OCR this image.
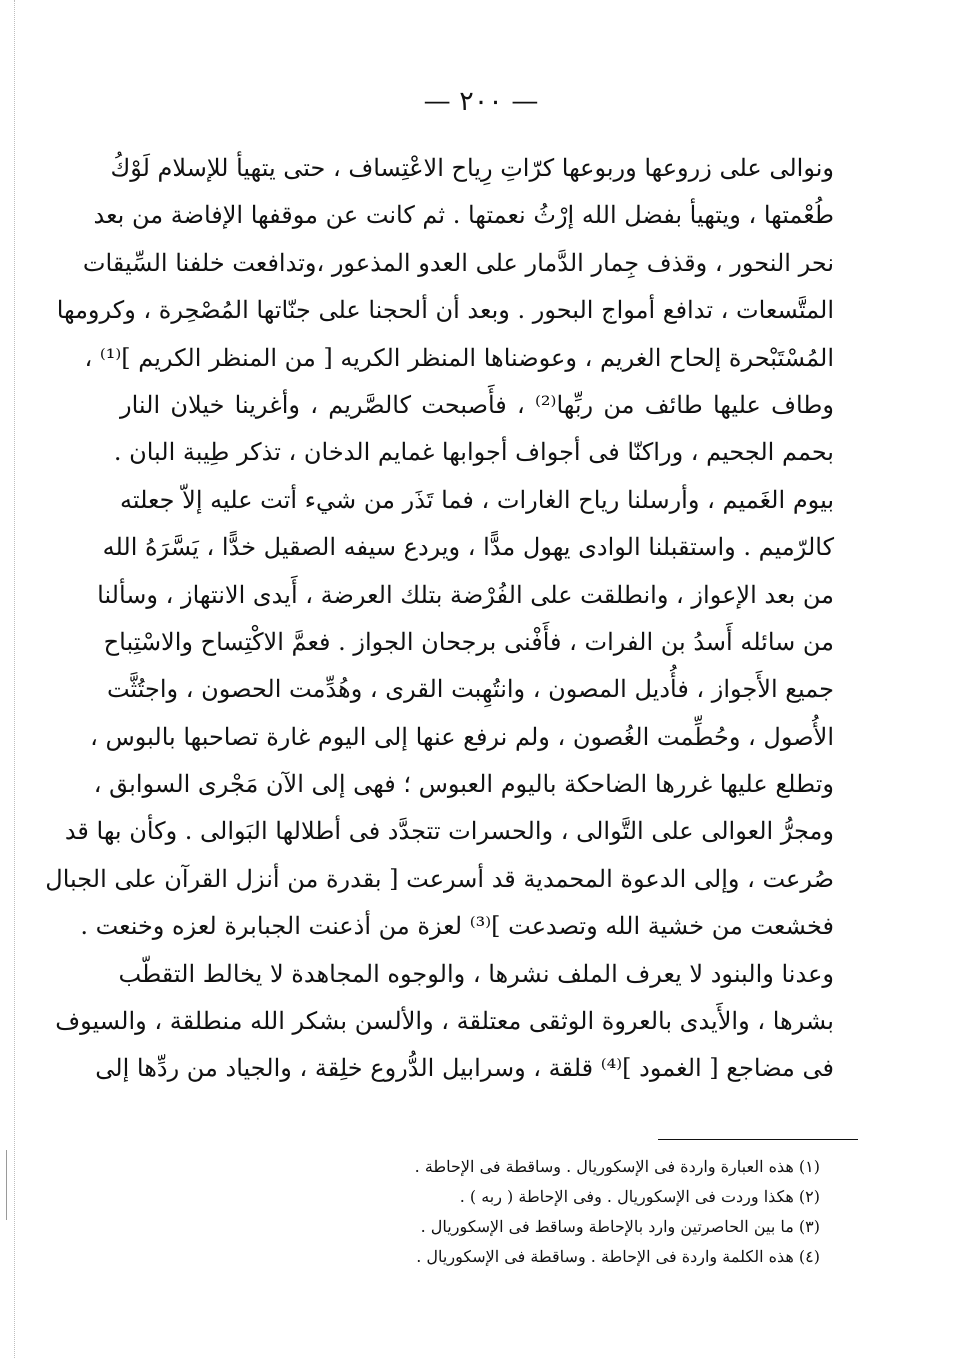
— ٢٠٠ —
ونوالى على زروعها وربوعها كرّاتِ رِياح الاعْتِساف ، حتى يتهيأ للإسلام لَوْكُ
طُعْمتها ، ويتهيأ بفضل الله إرْثُ نعمتها . ثم كانت عن موقفها الإفاضة من بعد
نحر النحور ، وقذف جِمار الدَّمار على العدو المذعور ،وتدافعت خلفنا السِّيقات
المتَّسعات ، تدافع أمواج البحور . وبعد أن ألحجنا على جنّاتها المُصْحِرة ، وكرومها
المُسْتَبْحرة إلحاح الغريم ، وعوضناها المنظر الكريه [ من المنظر الكريم ]⁽¹⁾ ،
وطاف عليها طائف من ربِّها⁽²⁾ ، فأَصبحت كالصَّريم ، وأغرينا خيلان النار
بحمم الجحيم ، وراكنّا فى أجواف أجوابها غمايم الدخان ، تذكر طِيبة البان .
بيوم الغَميم ، وأرسلنا رياح الغارات ، فما تَذَر من شيء أتت عليه إلاّ جعلته
كالرّميم . واستقبلنا الوادى يهول مدًّا ، ويردع سيفه الصقيل خدًّا ، يَسَّرَهُ الله
من بعد الإعواز ، وانطلقت على الفُرْضة بتلك العرضة ، أَيدى الانتهاز ، وسألنا
من سائله أَسدُ بن الفرات ، فأَفْنى برجحان الجواز . فعمَّ الاكْتِساح والاسْتِباح
جميع الأَجواز ، فأُديل المصون ، وانتُهِبت القرى ، وهُدِّمت الحصون ، واجتُثَّت
الأُصول ، وحُطِّمت الغُصون ، ولم نرفع عنها إلى اليوم غارة تصاحبها بالبوس ،
وتطلع عليها غررها الضاحكة باليوم العبوس ؛ فهى إلى الآن مَجْرى السوابق ،
ومجرُّ العوالى على التَّوالى ، والحسرات تتجدَّد فى أطلالها البَوالى . وكأن بها قد
صُرعت ، وإلى الدعوة المحمدية قد أسرعت [ بقدرة من أنزل القرآن على الجبال
فخشعت من خشية الله وتصدعت ]⁽³⁾ لعزة من أذعنت الجبابرة لعزه وخنعت .
وعدنا والبنود لا يعرف الملف نشرها ، والوجوه المجاهدة لا يخالط التقطّب
بشرها ، والأَيدى بالعروة الوثقى معتلقة ، والألسن بشكر الله منطلقة ، والسيوف
فى مضاجع [ الغمود ]⁽⁴⁾ قلقة ، وسرابيل الدُّروع خلِقة ، والجياد من ردِّها إلى
(١) هذه العبارة واردة فى الإسكوريال . وساقطة فى الإحاطة .
(٢) هكذا وردت فى الإسكوريال . وفى الإحاطة ( ربه ) .
(٣) ما بين الحاصرتين وارد بالإحاطة وساقط فى الإسكوريال .
(٤) هذه الكلمة واردة فى الإحاطة . وساقطة فى الإسكوريال .
